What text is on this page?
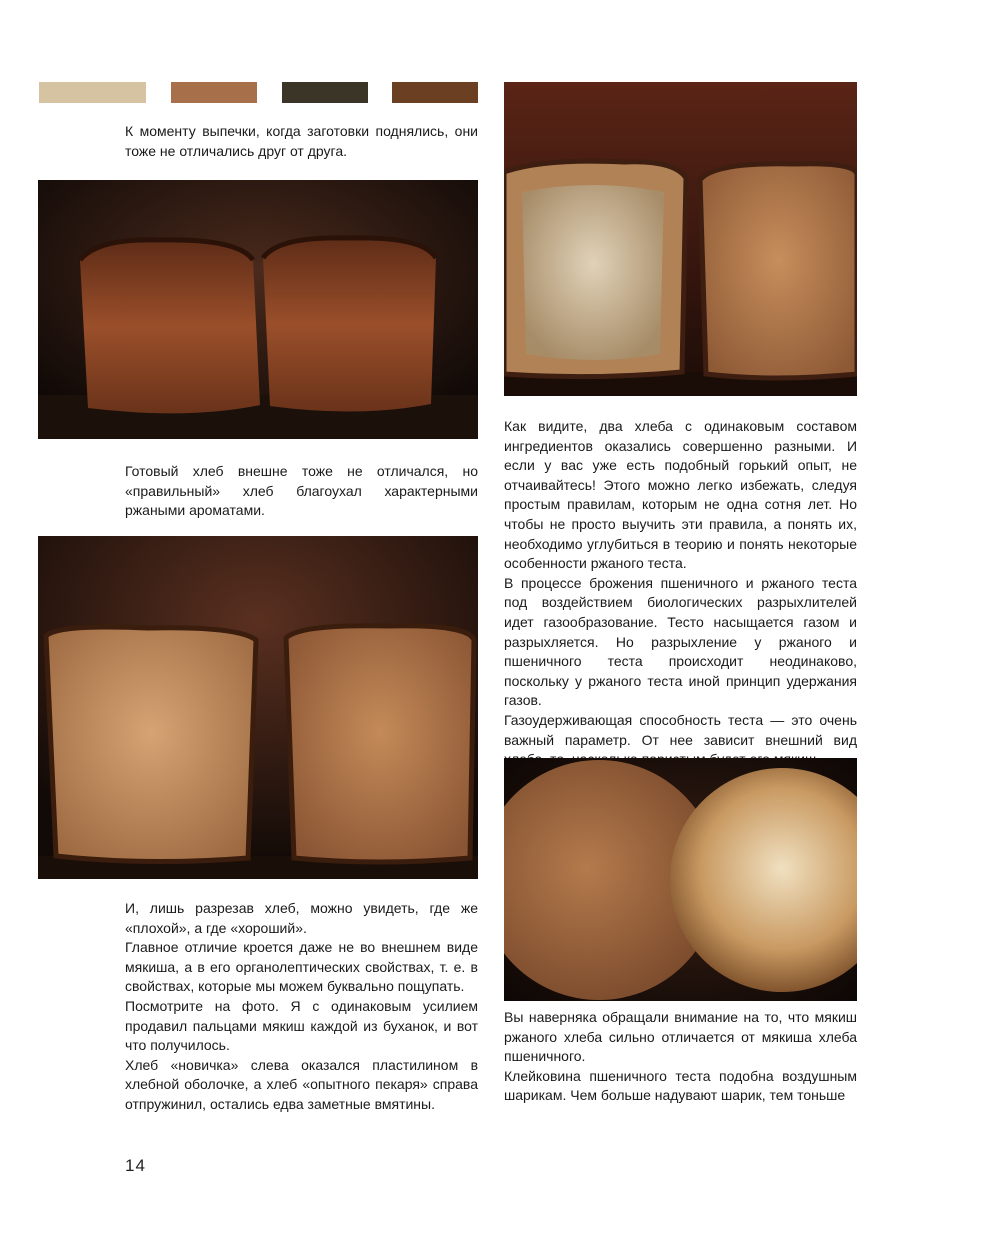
К моменту выпечки, когда заготовки поднялись, они тоже не отличались друг от друга.

Готовый хлеб внешне тоже не отличался, но «правильный» хлеб благоухал характерными ржаными ароматами.

И, лишь разрезав хлеб, можно увидеть, где же «плохой», а где «хороший».

Главное отличие кроется даже не во внешнем виде мякиша, а в его органолептических свойствах, т. е. в свойствах, которые мы можем буквально пощупать.

Посмотрите на фото. Я с одинаковым усилием продавил пальцами мякиш каждой из буханок, и вот что получилось.

Хлеб «новичка» слева оказался пластилином в хлебной оболочке, а хлеб «опытного пекаря» справа отпружинил, остались едва заметные вмятины.

Как видите, два хлеба с одинаковым составом ингредиентов оказались совершенно разными. И если у вас уже есть подобный горький опыт, не отчаивайтесь! Этого можно легко избежать, следуя простым правилам, которым не одна сотня лет. Но чтобы не просто выучить эти правила, а понять их, необходимо углубиться в теорию и понять некоторые особенности ржаного теста.

В процессе брожения пшеничного и ржаного теста под воздействием биологических разрыхлителей идет газообразование. Тесто насыщается газом и разрыхляется. Но разрыхление у ржаного и пшеничного теста происходит неодинаково, поскольку у ржаного теста иной принцип удержания газов.

Газоудерживающая способность теста — это очень важный параметр. От нее зависит внешний вид

Вы наверняка обращали внимание на то, что мякиш ржаного хлеба сильно отличается от мякиша хлеба пшеничного.

Клейковина пшеничного теста подобна воздушным шарикам. Чем больше надувают шарик, тем тоньше

14
